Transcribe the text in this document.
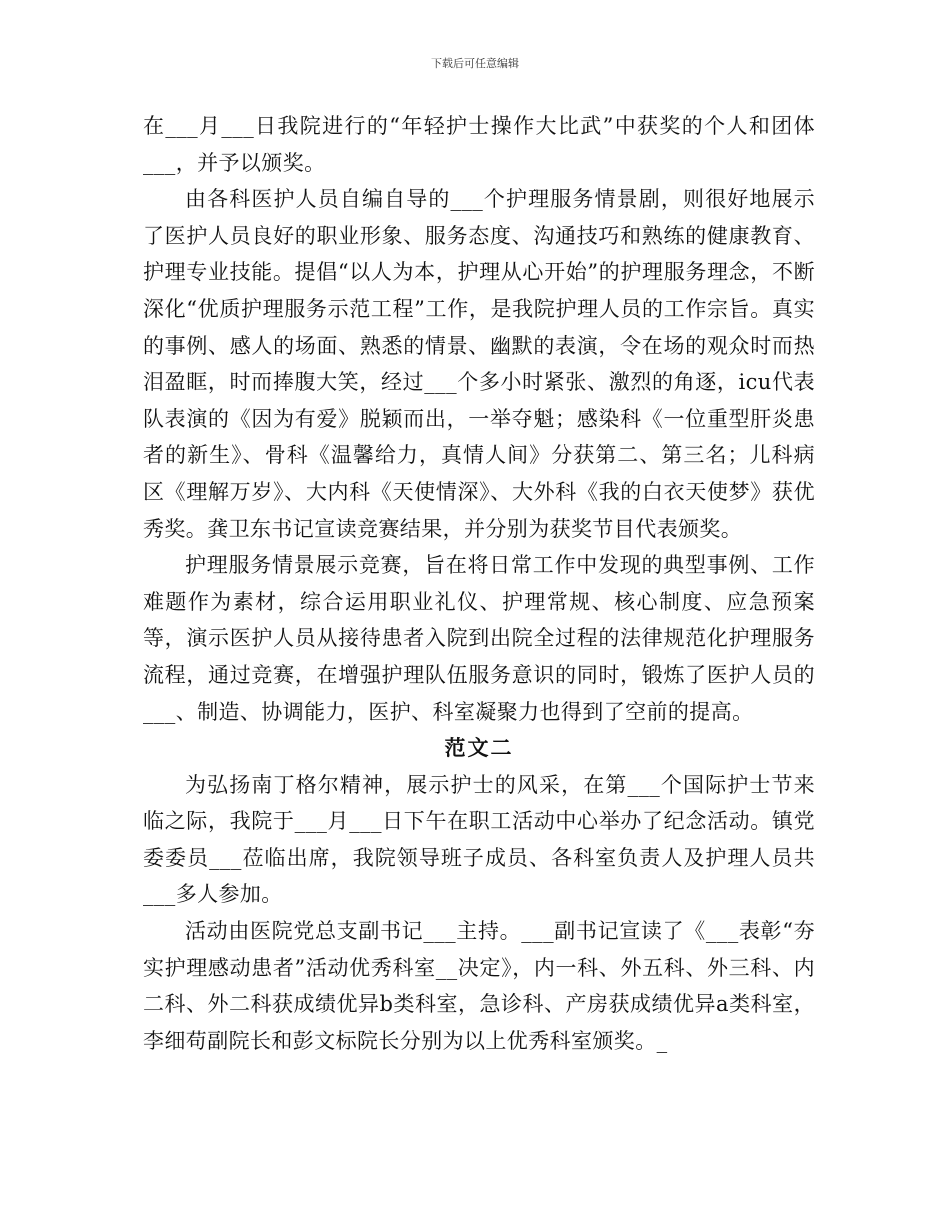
下载后可任意编辑

在___月___日我院进行的“年轻护士操作大比武”中获奖的个人和团体___，并予以颁奖。

由各科医护人员自编自导的___个护理服务情景剧，则很好地展示了医护人员良好的职业形象、服务态度、沟通技巧和熟练的健康教育、护理专业技能。提倡“以人为本，护理从心开始”的护理服务理念，不断深化“优质护理服务示范工程”工作，是我院护理人员的工作宗旨。真实的事例、感人的场面、熟悉的情景、幽默的表演，令在场的观众时而热泪盈眶，时而捧腹大笑，经过___个多小时紧张、激烈的角逐，icu代表队表演的《因为有爱》脱颖而出，一举夺魁；感染科《一位重型肝炎患者的新生》、骨科《温馨给力，真情人间》分获第二、第三名；儿科病区《理解万岁》、大内科《天使情深》、大外科《我的白衣天使梦》获优秀奖。龚卫东书记宣读竞赛结果，并分别为获奖节目代表颁奖。

护理服务情景展示竞赛，旨在将日常工作中发现的典型事例、工作难题作为素材，综合运用职业礼仪、护理常规、核心制度、应急预案等，演示医护人员从接待患者入院到出院全过程的法律规范化护理服务流程，通过竞赛，在增强护理队伍服务意识的同时，锻炼了医护人员的___、制造、协调能力，医护、科室凝聚力也得到了空前的提高。

范文二

为弘扬南丁格尔精神，展示护士的风采，在第___个国际护士节来临之际，我院于___月___日下午在职工活动中心举办了纪念活动。镇党委委员___莅临出席，我院领导班子成员、各科室负责人及护理人员共___多人参加。

活动由医院党总支副书记___主持。___副书记宣读了《___表彰“夯实护理感动患者”活动优秀科室__决定》，内一科、外五科、外三科、内二科、外二科获成绩优异b类科室，急诊科、产房获成绩优异a类科室，李细苟副院长和彭文标院长分别为以上优秀科室颁奖。_
